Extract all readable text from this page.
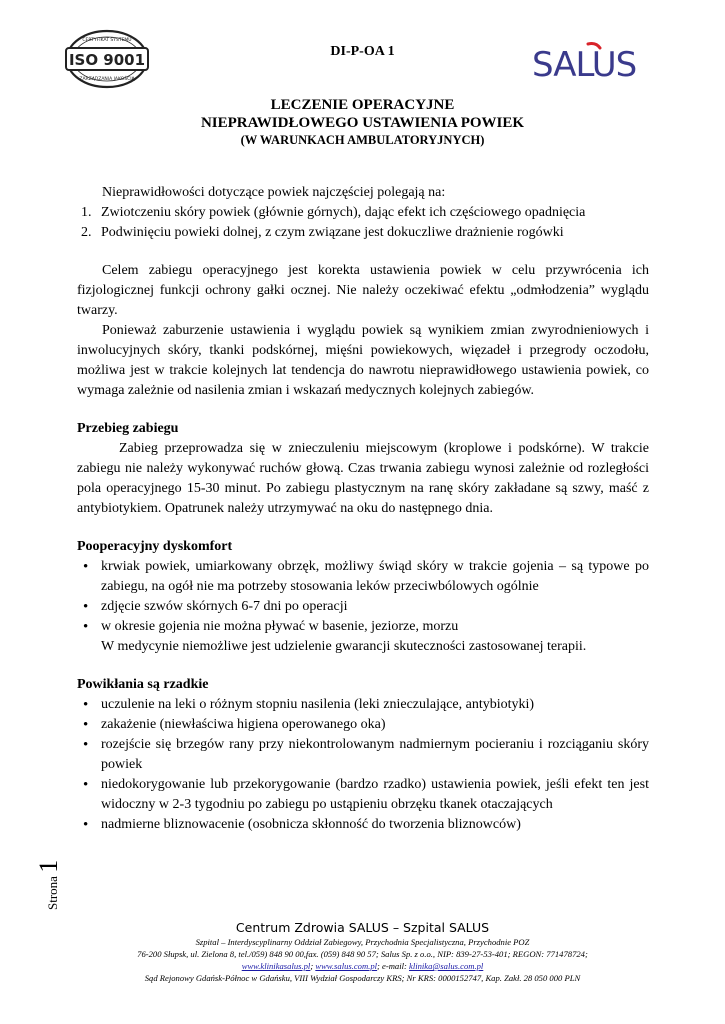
ISO 9001
CERTYFIKAT SYSTEMU
ZARZĄDZANIA JAKOŚCIĄ
DI-P-OA 1	SALUS
LECZENIE OPERACYJNE
NIEPRAWIDŁOWEGO USTAWIENIA POWIEK
(W WARUNKACH AMBULATORYJNYCH)

Nieprawidłowości dotyczące powiek najczęściej polegają na:

1. Zwiotczeniu skóry powiek (głównie górnych), dając efekt ich częściowego opadnięcia
2. Podwinięciu powieki dolnej, z czym związane jest dokuczliwe drażnienie rogówki

Celem zabiegu operacyjnego jest korekta ustawienia powiek w celu przywrócenia ich fizjologicznej funkcji ochrony gałki ocznej. Nie należy oczekiwać efektu „odmłodzenia” wyglądu twarzy.

Ponieważ zaburzenie ustawienia i wyglądu powiek są wynikiem zmian zwyrodnieniowych i inwolucyjnych skóry, tkanki podskórnej, mięśni powiekowych, więzadeł i przegrody oczodołu, możliwa jest w trakcie kolejnych lat tendencja do nawrotu nieprawidłowego ustawienia powiek, co wymaga zależnie od nasilenia zmian i wskazań medycznych kolejnych zabiegów.

Przebieg zabiegu

Zabieg przeprowadza się w znieczuleniu miejscowym (kroplowe i podskórne). W trakcie zabiegu nie należy wykonywać ruchów głową. Czas trwania zabiegu wynosi zależnie od rozległości pola operacyjnego 15-30 minut. Po zabiegu plastycznym na ranę skóry zakładane są szwy, maść z antybiotykiem. Opatrunek należy utrzymywać na oku do następnego dnia.

Pooperacyjny dyskomfort

• krwiak powiek, umiarkowany obrzęk, możliwy świąd skóry w trakcie gojenia – są typowe po zabiegu, na ogół nie ma potrzeby stosowania leków przeciwbólowych ogólnie
• zdjęcie szwów skórnych 6-7 dni po operacji
• w okresie gojenia nie można pływać w basenie, jeziorze, morzu

W medycynie niemożliwe jest udzielenie gwarancji skuteczności zastosowanej terapii.

Powikłania są rzadkie

• uczulenie na leki o różnym stopniu nasilenia (leki znieczulające, antybiotyki)
• zakażenie (niewłaściwa higiena operowanego oka)
• rozejście się brzegów rany przy niekontrolowanym nadmiernym pocieraniu i rozciąganiu skóry powiek
• niedokorygowanie lub przekorygowanie (bardzo rzadko) ustawienia powiek, jeśli efekt ten jest widoczny w 2-3 tygodniu po zabiegu po ustąpieniu obrzęku tkanek otaczających
• nadmierne bliznowacenie (osobnicza skłonność do tworzenia bliznowców)
Strona 1
Centrum Zdrowia SALUS – Szpital SALUS
Szpital – Interdyscyplinarny Oddział Zabiegowy, Przychodnia Specjalistyczna, Przychodnie POZ
76-200 Słupsk, ul. Zielona 8, tel./059) 848 90 00,fax. (059) 848 90 57; Salus Sp. z o.o., NIP: 839-27-53-401; REGON: 771478724;
www.klinikasalus.pl; www.salus.com.pl; e-mail: klinika@salus.com.pl
Sąd Rejonowy Gdańsk-Północ w Gdańsku, VIII Wydział Gospodarczy KRS; Nr KRS: 0000152747, Kap. Zakł. 28 050 000 PLN
